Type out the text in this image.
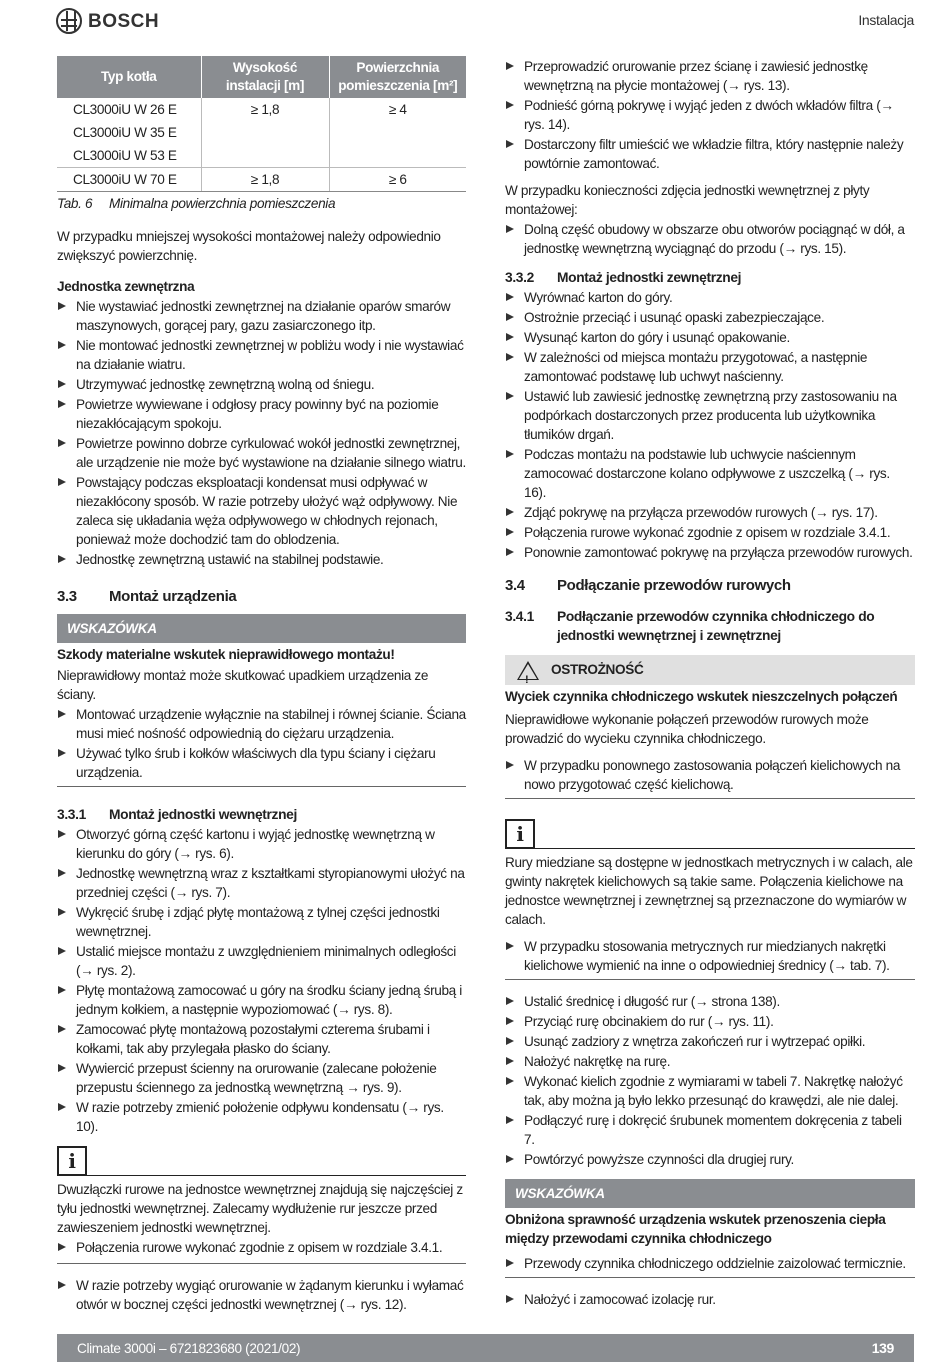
BOSCH	Instalacja
Typ kotła	Wysokość instalacji [m]	Powierzchnia pomieszczenia [m²]
CL3000iU W 26 E	≥ 1,8	≥ 4
CL3000iU W 35 E		
CL3000iU W 53 E		
CL3000iU W 70 E	≥ 1,8	≥ 6

Tab. 6 Minimalna powierzchnia pomieszczenia

W przypadku mniejszej wysokości montażowej należy odpowiednio zwiększyć powierzchnię.

Jednostka zewnętrzna

Nie wystawiać jednostki zewnętrznej na działanie oparów smarów maszynowych, gorącej pary, gazu zasiarczonego itp.
Nie montować jednostki zewnętrznej w pobliżu wody i nie wystawiać na działanie wiatru.
Utrzymywać jednostkę zewnętrzną wolną od śniegu.
Powietrze wywiewane i odgłosy pracy powinny być na poziomie niezakłócającym spokoju.
Powietrze powinno dobrze cyrkulować wokół jednostki zewnętrznej, ale urządzenie nie może być wystawione na działanie silnego wiatru.
Powstający podczas eksploatacji kondensat musi odpływać w niezakłócony sposób. W razie potrzeby ułożyć wąż odpływowy. Nie zaleca się układania węża odpływowego w chłodnych rejonach, ponieważ może dochodzić tam do oblodzenia.
Jednostkę zewnętrzną ustawić na stabilnej podstawie.
3.3	Montaż urządzenia
WSKAZÓWKA

Szkody materialne wskutek nieprawidłowego montażu!

Nieprawidłowy montaż może skutkować upadkiem urządzenia ze ściany.

Montować urządzenie wyłącznie na stabilnej i równej ścianie. Ściana musi mieć nośność odpowiednią do ciężaru urządzenia.
Używać tylko śrub i kołków właściwych dla typu ściany i ciężaru urządzenia.
3.3.1	Montaż jednostki wewnętrznej
Otworzyć górną część kartonu i wyjąć jednostkę wewnętrzną w kierunku do góry (→ rys. 6).
Jednostkę wewnętrzną wraz z kształtkami styropianowymi ułożyć na przedniej części (→ rys. 7).
Wykręcić śrubę i zdjąć płytę montażową z tylnej części jednostki wewnętrznej.
Ustalić miejsce montażu z uwzględnieniem minimalnych odległości (→ rys. 2).
Płytę montażową zamocować u góry na środku ściany jedną śrubą i jednym kołkiem, a następnie wypoziomować (→ rys. 8).
Zamocować płytę montażową pozostałymi czterema śrubami i kołkami, tak aby przylegała płasko do ściany.
Wywiercić przepust ścienny na orurowanie (zalecane położenie przepustu ściennego za jednostką wewnętrzną → rys. 9).
W razie potrzeby zmienić położenie odpływu kondensatu (→ rys. 10).
i

Dwuzłączki rurowe na jednostce wewnętrznej znajdują się najczęściej z tyłu jednostki wewnętrznej. Zalecamy wydłużenie rur jeszcze przed zawieszeniem jednostki wewnętrznej.

Połączenia rurowe wykonać zgodnie z opisem w rozdziale 3.4.1.
W razie potrzeby wygiąć orurowanie w żądanym kierunku i wyłamać otwór w bocznej części jednostki wewnętrznej (→ rys. 12).
Przeprowadzić orurowanie przez ścianę i zawiesić jednostkę wewnętrzną na płycie montażowej (→ rys. 13).
Podnieść górną pokrywę i wyjąć jeden z dwóch wkładów filtra (→ rys. 14).
Dostarczony filtr umieścić we wkładzie filtra, który następnie należy powtórnie zamontować.

W przypadku konieczności zdjęcia jednostki wewnętrznej z płyty montażowej:

Dolną część obudowy w obszarze obu otworów pociągnąć w dół, a jednostkę wewnętrzną wyciągnąć do przodu (→ rys. 15).
3.3.2	Montaż jednostki zewnętrznej
Wyrównać karton do góry.
Ostrożnie przeciąć i usunąć opaski zabezpieczające.
Wysunąć karton do góry i usunąć opakowanie.
W zależności od miejsca montażu przygotować, a następnie zamontować podstawę lub uchwyt naścienny.
Ustawić lub zawiesić jednostkę zewnętrzną przy zastosowaniu na podpórkach dostarczonych przez producenta lub użytkownika tłumików drgań.
Podczas montażu na podstawie lub uchwycie naściennym zamocować dostarczone kolano odpływowe z uszczelką (→ rys. 16).
Zdjąć pokrywę na przyłącza przewodów rurowych (→ rys. 17).
Połączenia rurowe wykonać zgodnie z opisem w rozdziale 3.4.1.
Ponownie zamontować pokrywę na przyłącza przewodów rurowych.
3.4	Podłączanie przewodów rurowych
3.4.1	Podłączanie przewodów czynnika chłodniczego do jednostki wewnętrznej i zewnętrznej
!
OSTROŻNOŚĆ

Wyciek czynnika chłodniczego wskutek nieszczelnych połączeń

Nieprawidłowe wykonanie połączeń przewodów rurowych może prowadzić do wycieku czynnika chłodniczego.

W przypadku ponownego zastosowania połączeń kielichowych na nowo przygotować część kielichową.
i

Rury miedziane są dostępne w jednostkach metrycznych i w calach, ale gwinty nakrętek kielichowych są takie same. Połączenia kielichowe na jednostce wewnętrznej i zewnętrznej są przeznaczone do wymiarów w calach.

W przypadku stosowania metrycznych rur miedzianych nakrętki kielichowe wymienić na inne o odpowiedniej średnicy (→ tab. 7).
Ustalić średnicę i długość rur (→ strona 138).
Przyciąć rurę obcinakiem do rur (→ rys. 11).
Usunąć zadziory z wnętrza zakończeń rur i wytrzepać opiłki.
Nałożyć nakrętkę na rurę.
Wykonać kielich zgodnie z wymiarami w tabeli 7. Nakrętkę nałożyć tak, aby można ją było lekko przesunąć do krawędzi, ale nie dalej.
Podłączyć rurę i dokręcić śrubunek momentem dokręcenia z tabeli 7.
Powtórzyć powyższe czynności dla drugiej rury.
WSKAZÓWKA

Obniżona sprawność urządzenia wskutek przenoszenia ciepła między przewodami czynnika chłodniczego

Przewody czynnika chłodniczego oddzielnie zaizolować termicznie.
Nałożyć i zamocować izolację rur.
Climate 3000i – 6721823680 (2021/02)	139
